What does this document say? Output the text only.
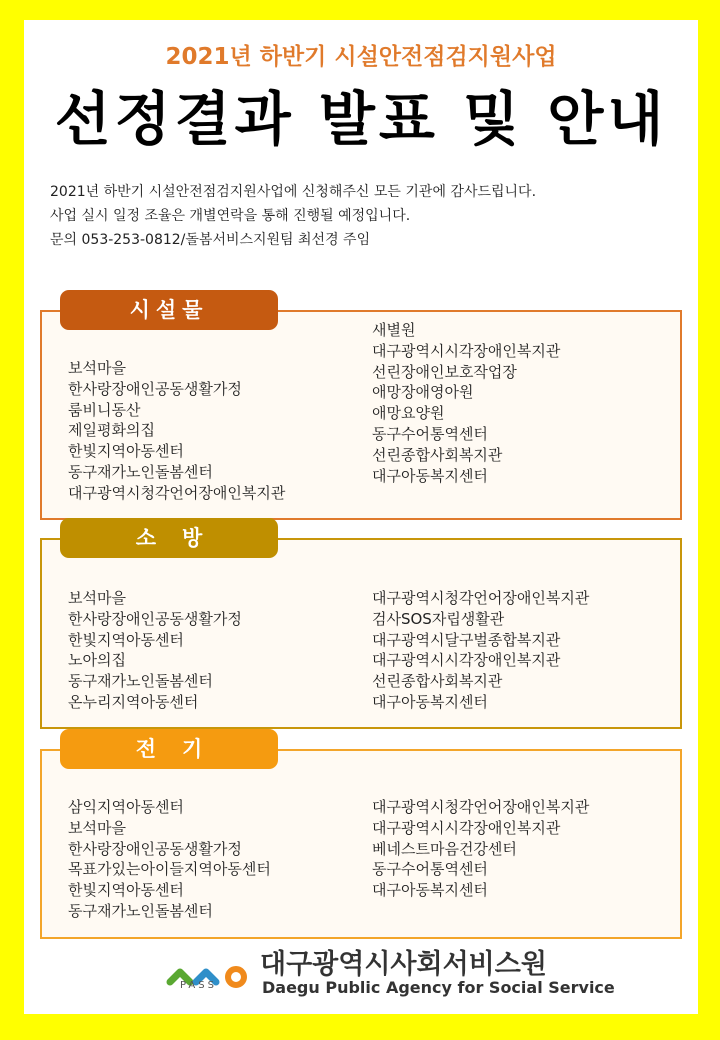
2021년 하반기 시설안전점검지원사업
선정결과 발표 및 안내
2021년 하반기 시설안전점검지원사업에 신청해주신 모든 기관에 감사드립니다.
사업 실시 일정 조율은 개별연락을 통해 진행될 예정입니다.
문의 053-253-0812/돌봄서비스지원팀 최선경 주임
시설물
보석마을
한사랑장애인공동생활가정
룸비니동산
제일평화의집
한빛지역아동센터
동구재가노인돌봄센터
대구광역시청각언어장애인복지관
새별원
대구광역시시각장애인복지관
선린장애인보호작업장
애망장애영아원
애망요양원
동구수어통역센터
선린종합사회복지관
대구아동복지센터
소방
보석마을
한사랑장애인공동생활가정
한빛지역아동센터
노아의집
동구재가노인돌봄센터
온누리지역아동센터
대구광역시청각언어장애인복지관
검사SOS자립생활관
대구광역시달구벌종합복지관
대구광역시시각장애인복지관
선린종합사회복지관
대구아동복지센터
전기
삼익지역아동센터
보석마을
한사랑장애인공동생활가정
목표가있는아이들지역아동센터
한빛지역아동센터
동구재가노인돌봄센터
대구광역시청각언어장애인복지관
대구광역시시각장애인복지관
베네스트마음건강센터
동구수어통역센터
대구아동복지센터
PASS
대구광역시사회서비스원
Daegu Public Agency for Social Service
